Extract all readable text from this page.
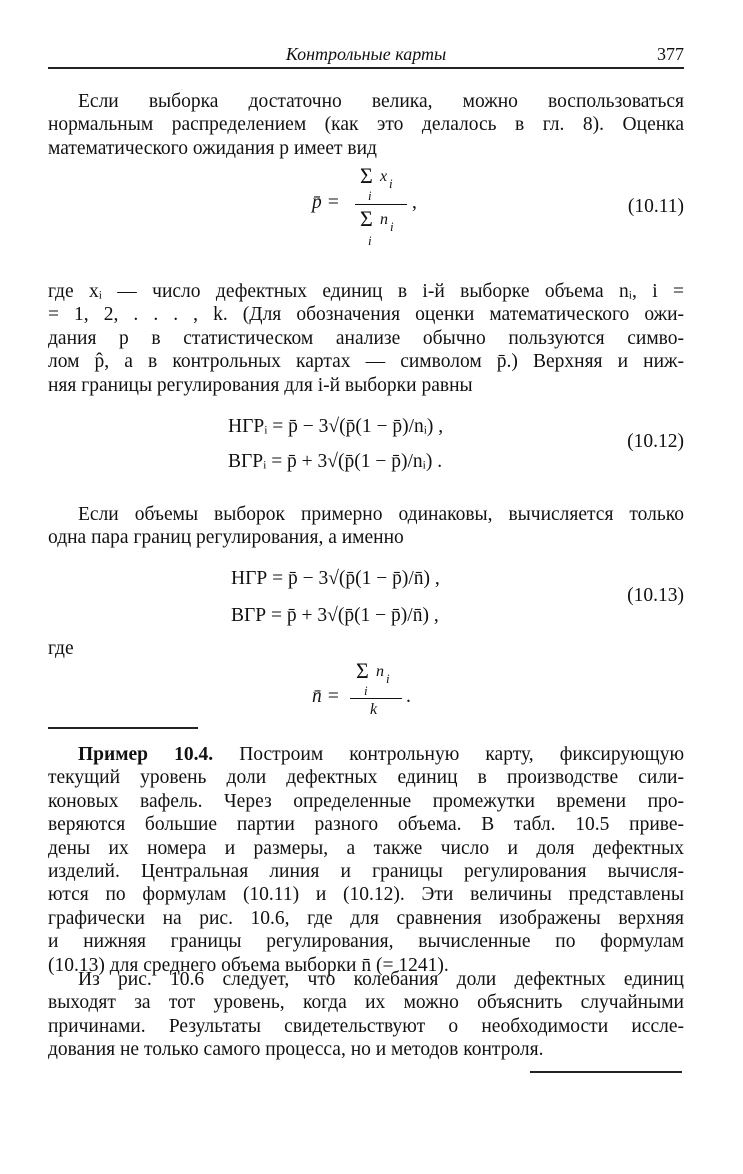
Контрольные карты	377
Если выборка достаточно велика, можно воспользоваться
нормальным распределением (как это делалось в гл. 8). Оценка
математического ожидания p имеет вид
p̄ =
Σ x i
i
Σ n i
i
,	(10.11)
где xᵢ — число дефектных единиц в i-й выборке объема nᵢ, i =
= 1, 2, . . . , k. (Для обозначения оценки математического ожи-
дания p в статистическом анализе обычно пользуются симво-
лом p̂, а в контрольных картах — символом p̄.) Верхняя и ниж-
няя границы регулирования для i-й выборки равны
НГРᵢ = p̄ − 3√(p̄(1 − p̄)/nᵢ) ,
ВГРᵢ = p̄ + 3√(p̄(1 − p̄)/nᵢ) .
(10.12)
Если объемы выборок примерно одинаковы, вычисляется только
одна пара границ регулирования, а именно
НГР = p̄ − 3√(p̄(1 − p̄)/n̄) ,
ВГР = p̄ + 3√(p̄(1 − p̄)/n̄) ,
(10.13)
где
n̄ =
Σ n i
i
k
.
Пример 10.4. Построим контрольную карту, фиксирующую
текущий уровень доли дефектных единиц в производстве сили-
коновых вафель. Через определенные промежутки времени про-
веряются большие партии разного объема. В табл. 10.5 приве-
дены их номера и размеры, а также число и доля дефектных
изделий. Центральная линия и границы регулирования вычисля-
ются по формулам (10.11) и (10.12). Эти величины представлены
графически на рис. 10.6, где для сравнения изображены верхняя
и нижняя границы регулирования, вычисленные по формулам
(10.13) для среднего объема выборки n̄ (= 1241).
Из рис. 10.6 следует, что колебания доли дефектных единиц
выходят за тот уровень, когда их можно объяснить случайными
причинами. Результаты свидетельствуют о необходимости иссле-
дования не только самого процесса, но и методов контроля.
